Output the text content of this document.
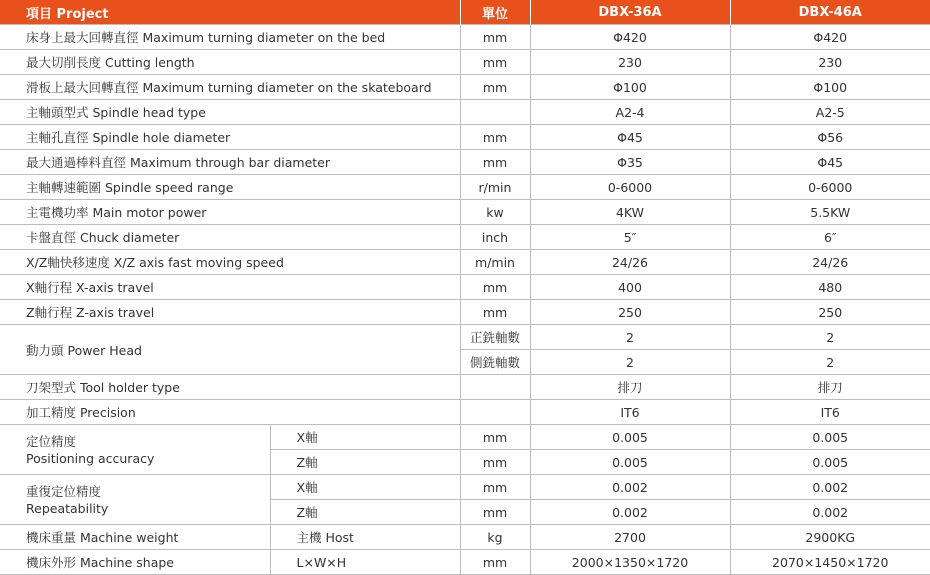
項目 Project		單位	DBX-36A	DBX-46A
床身上最大回轉直徑 Maximum turning diameter on the bed		mm	Φ420	Φ420
最大切削長度 Cutting length		mm	230	230
滑板上最大回轉直徑 Maximum turning diameter on the skateboard		mm	Φ100	Φ100
主軸頭型式 Spindle head type			A2-4	A2-5
主軸孔直徑 Spindle hole diameter		mm	Φ45	Φ56
最大通過棒料直徑 Maximum through bar diameter		mm	Φ35	Φ45
主軸轉速範圍 Spindle speed range		r/min	0-6000	0-6000
主電機功率 Main motor power		kw	4KW	5.5KW
卡盤直徑 Chuck diameter		inch	5″	6″
X/Z軸快移速度 X/Z axis fast moving speed		m/min	24/26	24/26
X軸行程 X-axis travel		mm	400	480
Z軸行程 Z-axis travel		mm	250	250
動力頭 Power Head		正銑軸數	2	2
		側銑軸數	2	2
刀架型式 Tool holder type			排刀	排刀
加工精度 Precision			IT6	IT6
定位精度
Positioning accuracy	X軸	mm	0.005	0.005
	Z軸	mm	0.005	0.005
重復定位精度
Repeatability	X軸	mm	0.002	0.002
	Z軸	mm	0.002	0.002
機床重量 Machine weight	主機 Host	kg	2700	2900KG
機床外形 Machine shape	L×W×H	mm	2000×1350×1720	2070×1450×1720
